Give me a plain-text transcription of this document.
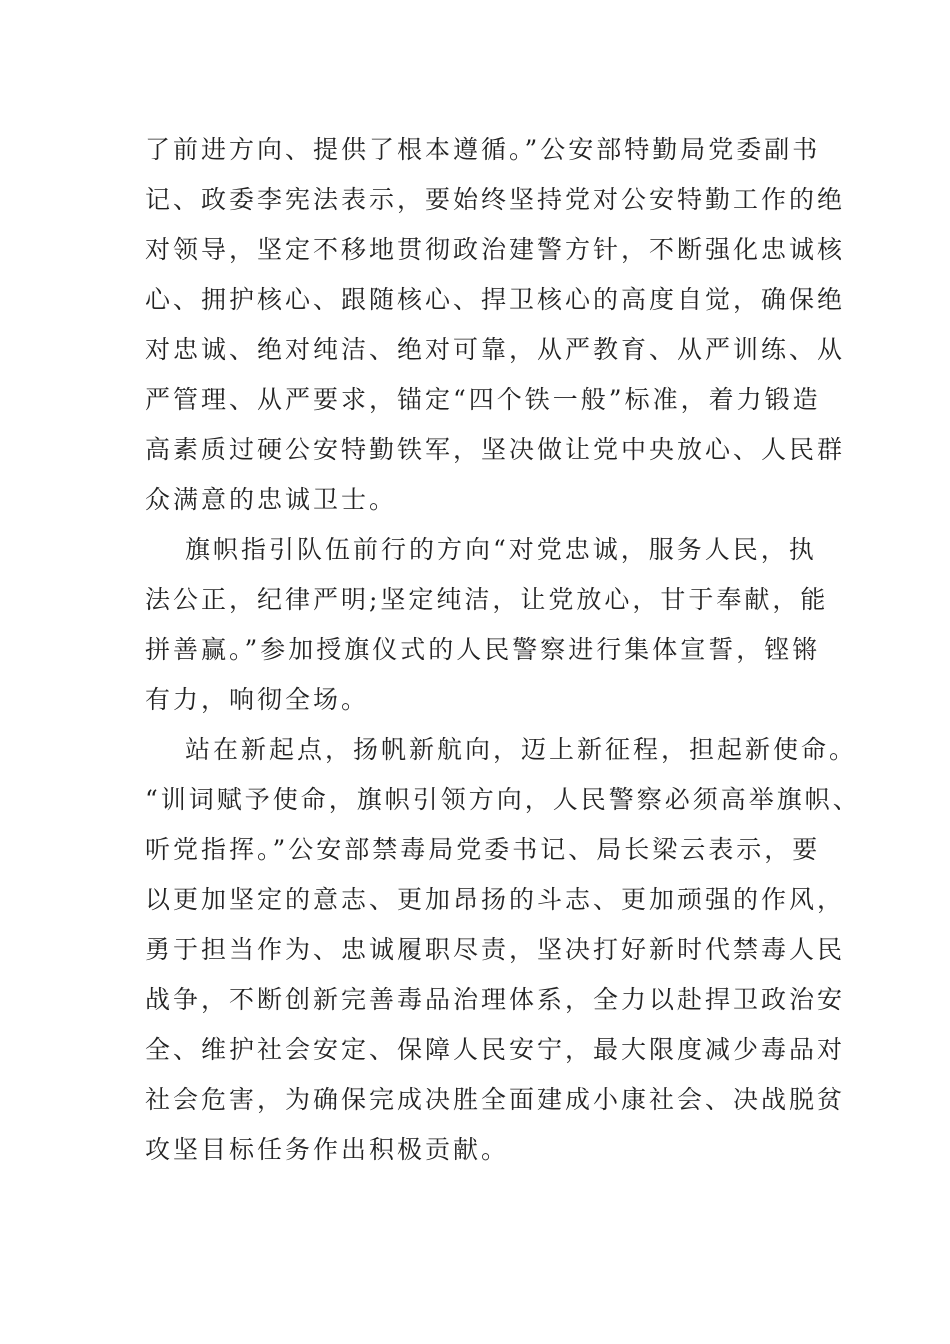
了前进方向、提供了根本遵循。”公安部特勤局党委副书
记、政委李宪法表示，要始终坚持党对公安特勤工作的绝
对领导，坚定不移地贯彻政治建警方针，不断强化忠诚核
心、拥护核心、跟随核心、捍卫核心的高度自觉，确保绝
对忠诚、绝对纯洁、绝对可靠，从严教育、从严训练、从
严管理、从严要求，锚定“四个铁一般”标准，着力锻造
高素质过硬公安特勤铁军，坚决做让党中央放心、人民群
众满意的忠诚卫士。
旗帜指引队伍前行的方向“对党忠诚，服务人民，执
法公正，纪律严明;坚定纯洁，让党放心，甘于奉献，能
拼善赢。”参加授旗仪式的人民警察进行集体宣誓，铿锵
有力，响彻全场。
站在新起点，扬帆新航向，迈上新征程，担起新使命。
“训词赋予使命，旗帜引领方向，人民警察必须高举旗帜、
听党指挥。”公安部禁毒局党委书记、局长梁云表示，要
以更加坚定的意志、更加昂扬的斗志、更加顽强的作风，
勇于担当作为、忠诚履职尽责，坚决打好新时代禁毒人民
战争，不断创新完善毒品治理体系，全力以赴捍卫政治安
全、维护社会安定、保障人民安宁，最大限度减少毒品对
社会危害，为确保完成决胜全面建成小康社会、决战脱贫
攻坚目标任务作出积极贡献。
